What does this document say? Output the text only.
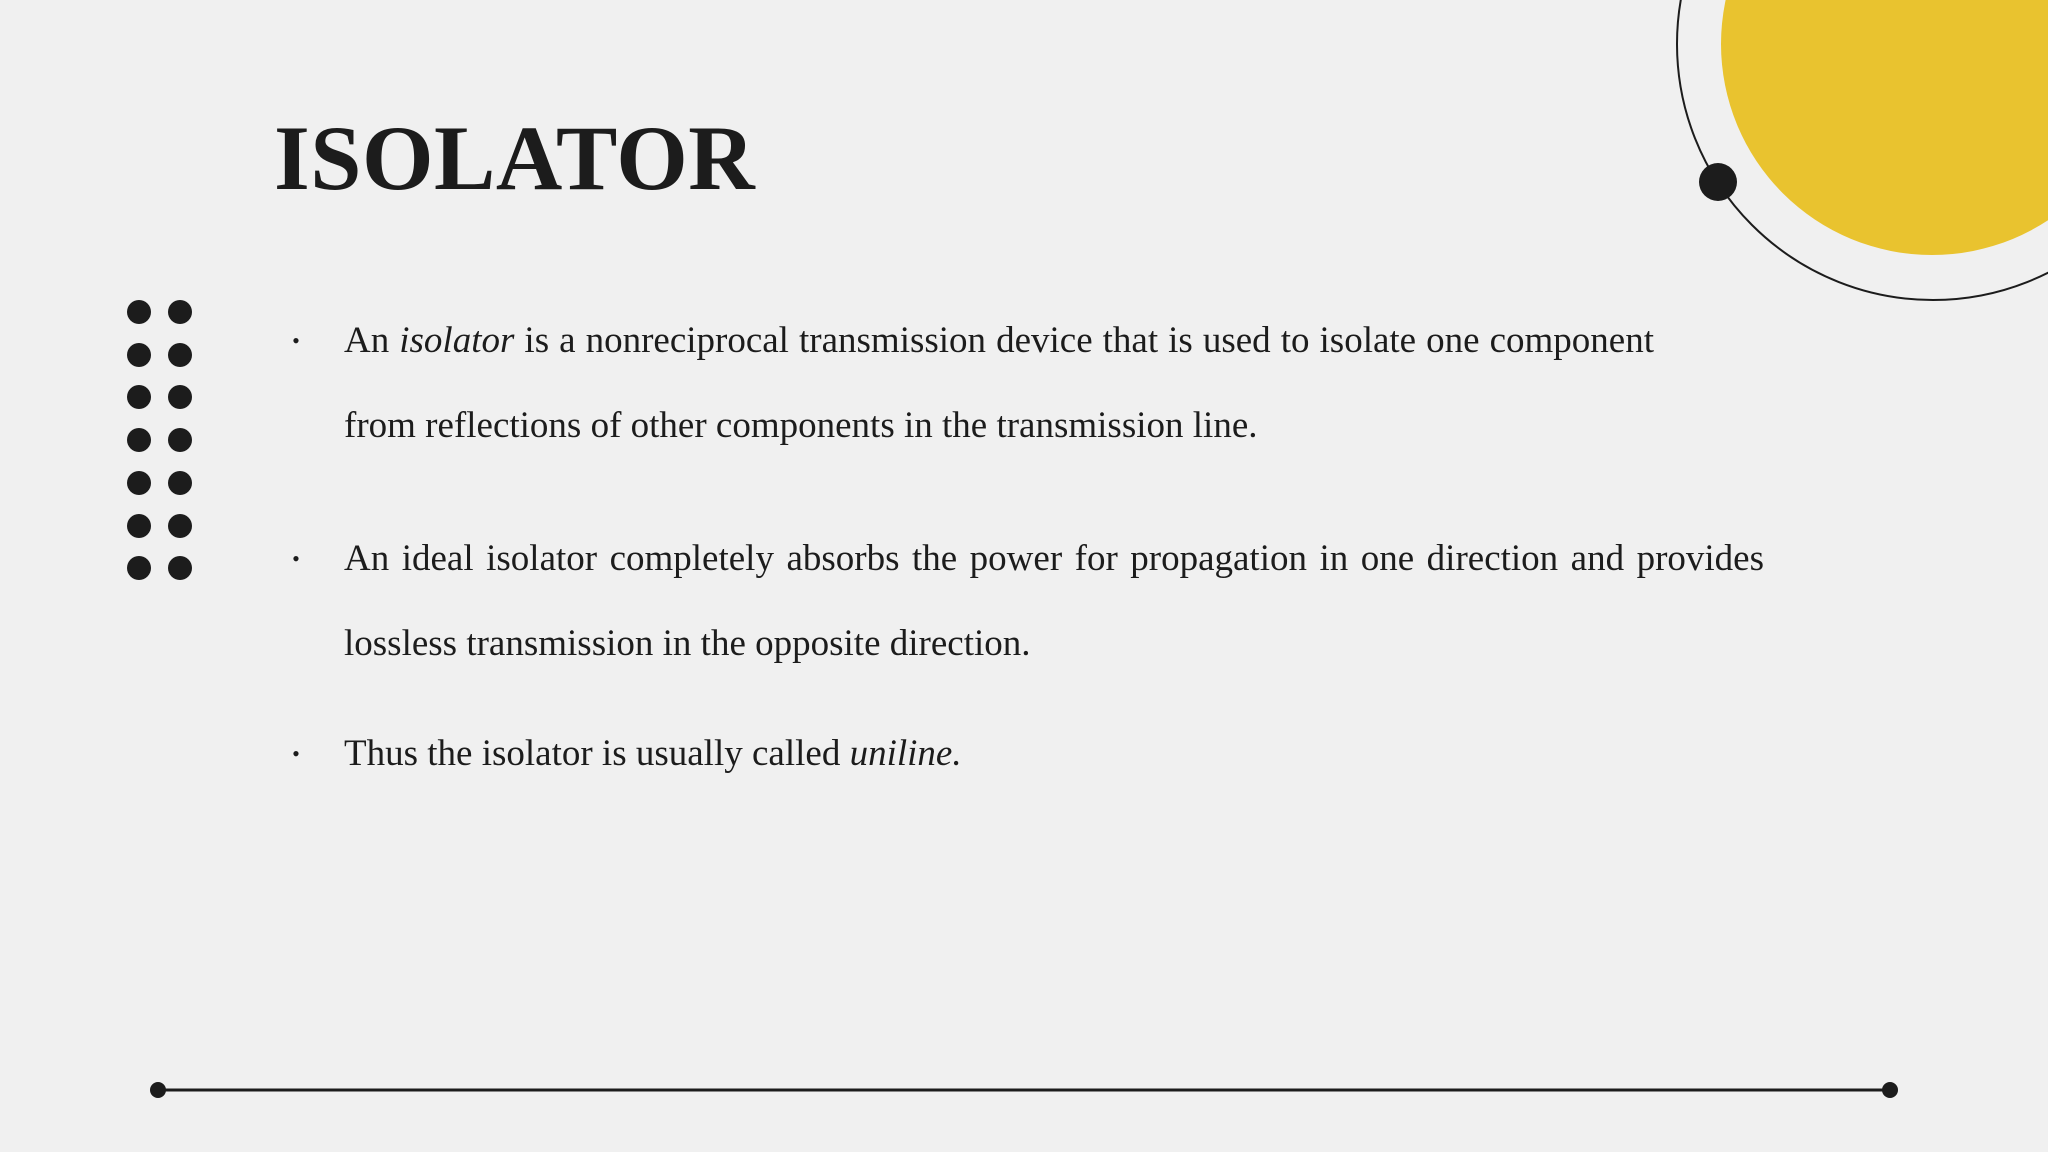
ISOLATOR
• An isolator is a nonreciprocal transmission device that is used to isolate one component from reflections of other components in the transmission line.
• An ideal isolator completely absorbs the power for propagation in one direction and provides lossless transmission in the opposite direction.
• Thus the isolator is usually called uniline.
